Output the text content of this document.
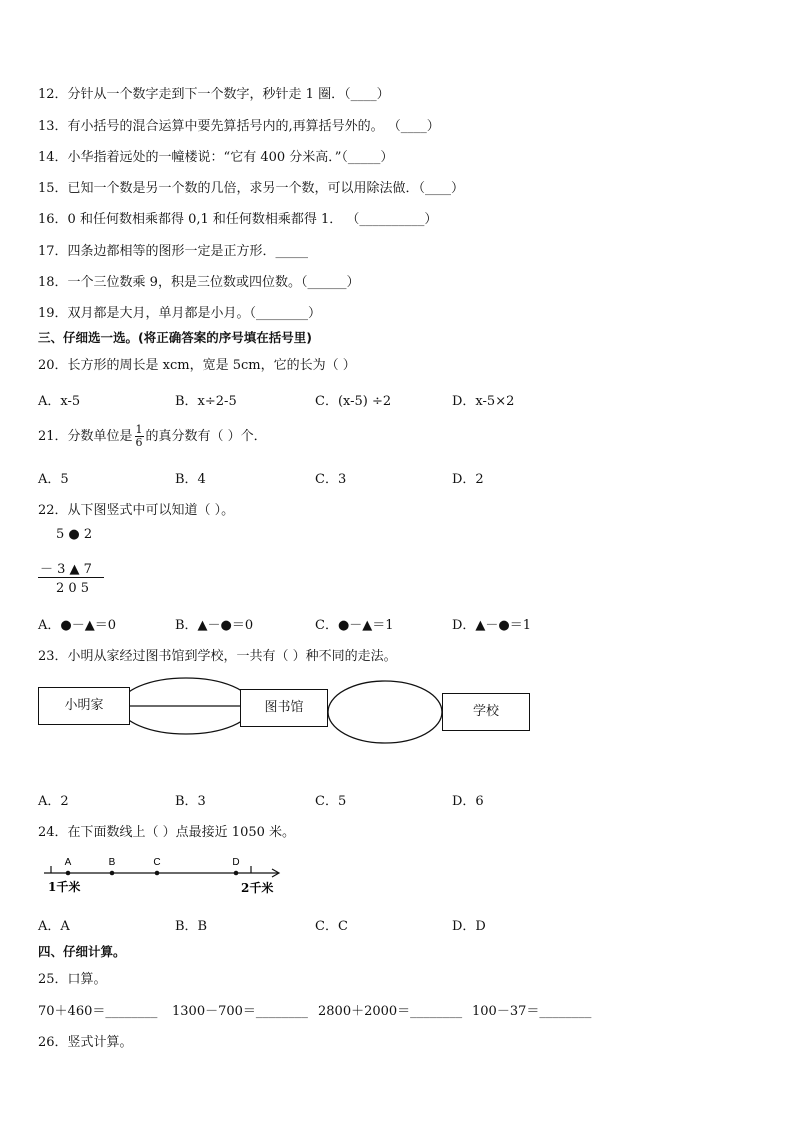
12．分针从一个数字走到下一个数字，秒针走 1 圈．（____）
13．有小括号的混合运算中要先算括号内的,再算括号外的。 （____）
14．小华指着远处的一幢楼说：“它有 400 分米高．”（_____）
15．已知一个数是另一个数的几倍，求另一个数，可以用除法做．（____）
16．0 和任何数相乘都得 0,1 和任何数相乘都得 1． （__________）
17．四条边都相等的图形一定是正方形．_____
18．一个三位数乘 9，积是三位数或四位数。（______）
19．双月都是大月，单月都是小月。（________）
三、仔细选一选。(将正确答案的序号填在括号里)
20．长方形的周长是 xcm，宽是 5cm，它的长为（ ）
A．x-5	B．x÷2-5	C．(x-5) ÷2	D．x-5×2
21．分数单位是 $\frac{1}{6}$ 的真分数有（ ）个．
A．5	B．4	C．3	D．2
22．从下图竖式中可以知道（ ）。
5 ● 2
－ 3 ▲ 7
2 0 5
A．●－▲＝0	B．▲－●＝0	C．●－▲＝1	D．▲－●＝1
23．小明从家经过图书馆到学校，一共有（ ）种不同的走法。
小明家	图书馆	学校
A．2	B．3	C．5	D．6
24．在下面数线上（ ）点最接近 1050 米。
A	B	C	D
1千米	2千米
A．A	B．B	C．C	D．D
四、仔细计算。
25．口算。
70＋460＝________ 1300－700＝________ 2800＋2000＝________ 100－37＝________
26．竖式计算。
